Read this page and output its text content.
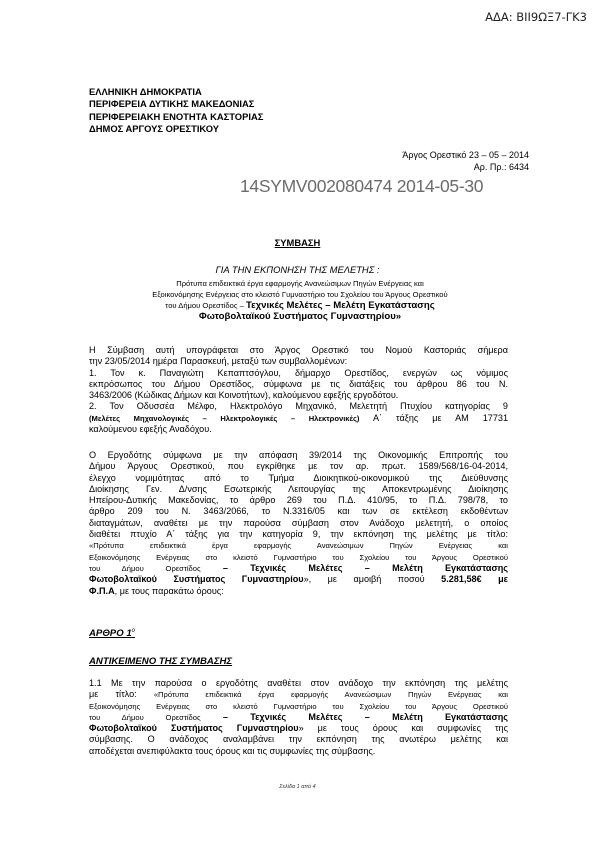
ΑΔΑ: ΒΙΙ9ΩΞ7-ΓΚ3
ΕΛΛΗΝΙΚΗ ΔΗΜΟΚΡΑΤΙΑ
ΠΕΡΙΦΕΡΕΙΑ ΔΥΤΙΚΗΣ ΜΑΚΕΔΟΝΙΑΣ
ΠΕΡΙΦΕΡΕΙΑΚΗ ΕΝΟΤΗΤΑ ΚΑΣΤΟΡΙΑΣ
ΔΗΜΟΣ ΑΡΓΟΥΣ ΟΡΕΣΤΙΚΟΥ
Άργος Ορεστικό 23 – 05 – 2014
Αρ. Πρ.: 6434
14SYMV002080474 2014-05-30
ΣΥΜΒΑΣΗ
ΓΙΑ ΤΗΝ ΕΚΠΟΝΗΣΗ ΤΗΣ ΜΕΛΕΤΗΣ :
Πρότυπα επιδεικτικά έργα εφαρμογής Ανανεώσιμων Πηγών Ενέργειας και
Εξοικονόμησης Ενέργειας στο κλειστό Γυμναστήριο του Σχολείου του Άργους Ορεστικού
του Δήμου Ορεστίδος – Τεχνικές Μελέτες – Μελέτη Εγκατάστασης
Φωτοβολταϊκού Συστήματος Γυμναστηρίου»
Η Σύμβαση αυτή υπογράφεται στο Άργος Ορεστικό του Νομού Καστοριάς σήμερα
την 23/05/2014 ημέρα Παρασκευή, μεταξύ των συμβαλλομένων:
1. Τον κ. Παναγιώτη Κεπαπτσόγλου, δήμαρχο Ορεστίδος, ενεργών ως νόμιμος
εκπρόσωπος του Δήμου Ορεστίδος, σύμφωνα με τις διατάξεις του άρθρου 86 του Ν.
3463/2006 (Κώδικας Δήμων και Κοινοτήτων), καλούμενου εφεξής εργοδότου.
2. Τον Οδυσσέα Μέλφο, Ηλεκτρολόγο Μηχανικό, Μελετητή Πτυχίου κατηγορίας 9
(Μελέτες Μηχανολογικές – Ηλεκτρολογικές – Ηλεκτρονικές) Α΄ τάξης με ΑΜ 17731
καλούμενου εφεξής Αναδόχου.
Ο Εργοδότης σύμφωνα με την απόφαση 39/2014 της Οικονομικής Επιτροπής του
Δήμου Άργους Ορεστικού, που εγκρίθηκε με τον αρ. πρωτ. 1589/568/16-04-2014,
έλεγχο νομιμότητας από το Τμήμα Διοικητικού-οικονομικού της Διεύθυνσης
Διοίκησης Γεν. Δ/νσης Εσωτερικής Λειτουργίας της Αποκεντρωμένης Διοίκησης
Ηπείρου-Δυτικής Μακεδονίας, το άρθρο 269 του Π.Δ. 410/95, το Π.Δ. 798/78, το
άρθρο 209 του Ν. 3463/2066, το Ν.3316/05 και των σε εκτέλεση εκδοθέντων
διαταγμάτων, αναθέτει με την παρούσα σύμβαση στον Ανάδοχο μελετητή, ο οποίος
διαθέτει πτυχίο Α΄ τάξης για την κατηγορία 9, την εκπόνηση της μελέτης με τίτλο:
«Πρότυπα επιδεικτικά έργα εφαρμογής Ανανεώσιμων Πηγών Ενέργειας και
Εξοικονόμησης Ενέργειας στο κλειστό Γυμναστήριο του Σχολείου του Άργους Ορεστικού
του Δήμου Ορεστίδος – Τεχνικές Μελέτες – Μελέτη Εγκατάστασης
Φωτοβολταϊκού Συστήματος Γυμναστηρίου», με αμοιβή ποσού 5.281,58€ με
Φ.Π.Α, με τους παρακάτω όρους:
ΑΡΘΡΟ $1^o$
ΑΝΤΙΚΕΙΜΕΝΟ ΤΗΣ ΣΥΜΒΑΣΗΣ
1.1 Με την παρούσα ο εργοδότης αναθέτει στον ανάδοχο την εκπόνηση της μελέτης
με τίτλο: «Πρότυπα επιδεικτικά έργα εφαρμογής Ανανεώσιμων Πηγών Ενέργειας και
Εξοικονόμησης Ενέργειας στο κλειστό Γυμναστήριο του Σχολείου του Άργους Ορεστικού
του Δήμου Ορεστίδος – Τεχνικές Μελέτες – Μελέτη Εγκατάστασης
Φωτοβολταϊκού Συστήματος Γυμναστηρίου» με τους όρους και συμφωνίες της
σύμβασης. Ο ανάδοχος αναλαμβάνει την εκπόνηση της ανωτέρω μελέτης και
αποδέχεται ανεπιφύλακτα τους όρους και τις συμφωνίες της σύμβασης.
Σελίδα 1 από 4
